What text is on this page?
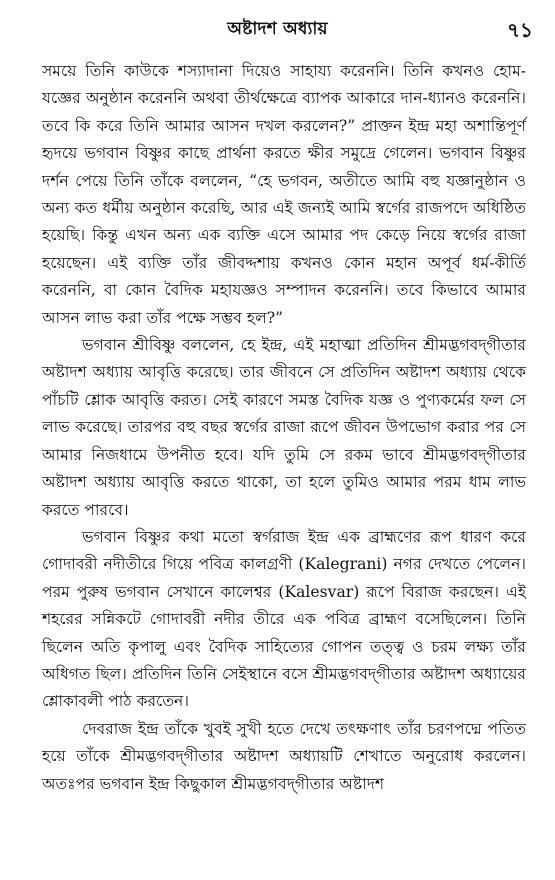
অষ্টাদশ অধ্যায়	৭১

সময়ে তিনি কাউকে শস্যাদানা দিয়েও সাহায্য করেননি। তিনি কখনও হোম-যজ্ঞের অনুষ্ঠান করেননি অথবা তীর্থক্ষেত্রে ব্যাপক আকারে দান-ধ্যানও করেননি। তবে কি করে তিনি আমার আসন দখল করলেন?” প্রাক্তন ইন্দ্র মহা অশান্তিপূর্ণ হৃদয়ে ভগবান বিষ্ণুর কাছে প্রার্থনা করতে ক্ষীর সমুদ্রে গেলেন। ভগবান বিষ্ণুর দর্শন পেয়ে তিনি তাঁকে বললেন, “হে ভগবন, অতীতে আমি বহু যজ্ঞানুষ্ঠান ও অন্য কত ধর্মীয় অনুষ্ঠান করেছি, আর এই জন্যই আমি স্বর্গের রাজপদে অধিষ্ঠিত হয়েছি। কিন্তু এখন অন্য এক ব্যক্তি এসে আমার পদ কেড়ে নিয়ে স্বর্গের রাজা হয়েছেন। এই ব্যক্তি তাঁর জীবদ্দশায় কখনও কোন মহান অপূর্ব ধর্ম-কীর্তি করেননি, বা কোন বৈদিক মহাযজ্ঞও সম্পাদন করেননি। তবে কিভাবে আমার আসন লাভ করা তাঁর পক্ষে সম্ভব হল?”

ভগবান শ্রীবিষ্ণু বললেন, হে ইন্দ্র, এই মহাত্মা প্রতিদিন শ্রীমদ্ভগবদ্‌গীতার অষ্টাদশ অধ্যায় আবৃত্তি করেছে। তার জীবনে সে প্রতিদিন অষ্টাদশ অধ্যায় থেকে পাঁচটি শ্লোক আবৃত্তি করত। সেই কারণে সমস্ত বৈদিক যজ্ঞ ও পুণ্যকর্মের ফল সে লাভ করেছে। তারপর বহু বছর স্বর্গের রাজা রূপে জীবন উপভোগ করার পর সে আমার নিজধামে উপনীত হবে। যদি তুমি সে রকম ভাবে শ্রীমদ্ভগবদ্‌গীতার অষ্টাদশ অধ্যায় আবৃত্তি করতে থাকো, তা হলে তুমিও আমার পরম ধাম লাভ করতে পারবে।

ভগবান বিষ্ণুর কথা মতো স্বর্গরাজ ইন্দ্র এক ব্রাহ্মণের রূপ ধারণ করে গোদাবরী নদীতীরে গিয়ে পবিত্র কালগ্রণী (Kalegrani) নগর দেখতে পেলেন। পরম পুরুষ ভগবান সেখানে কালেশ্বর (Kalesvar) রূপে বিরাজ করছেন। এই শহরের সন্নিকটে গোদাবরী নদীর তীরে এক পবিত্র ব্রাহ্মণ বসেছিলেন। তিনি ছিলেন অতি কৃপালু এবং বৈদিক সাহিত্যের গোপন তত্ত্ব ও চরম লক্ষ্য তাঁর অধিগত ছিল। প্রতিদিন তিনি সেইস্থানে বসে শ্রীমদ্ভগবদ্‌গীতার অষ্টাদশ অধ্যায়ের শ্লোকাবলী পাঠ করতেন।

দেবরাজ ইন্দ্র তাঁকে খুবই সুখী হতে দেখে তৎক্ষণাৎ তাঁর চরণপদ্মে পতিত হয়ে তাঁকে শ্রীমদ্ভগবদ্‌গীতার অষ্টাদশ অধ্যায়টি শেখাতে অনুরোধ করলেন। অতঃপর ভগবান ইন্দ্র কিছুকাল শ্রীমদ্ভগবদ্‌গীতার অষ্টাদশ
